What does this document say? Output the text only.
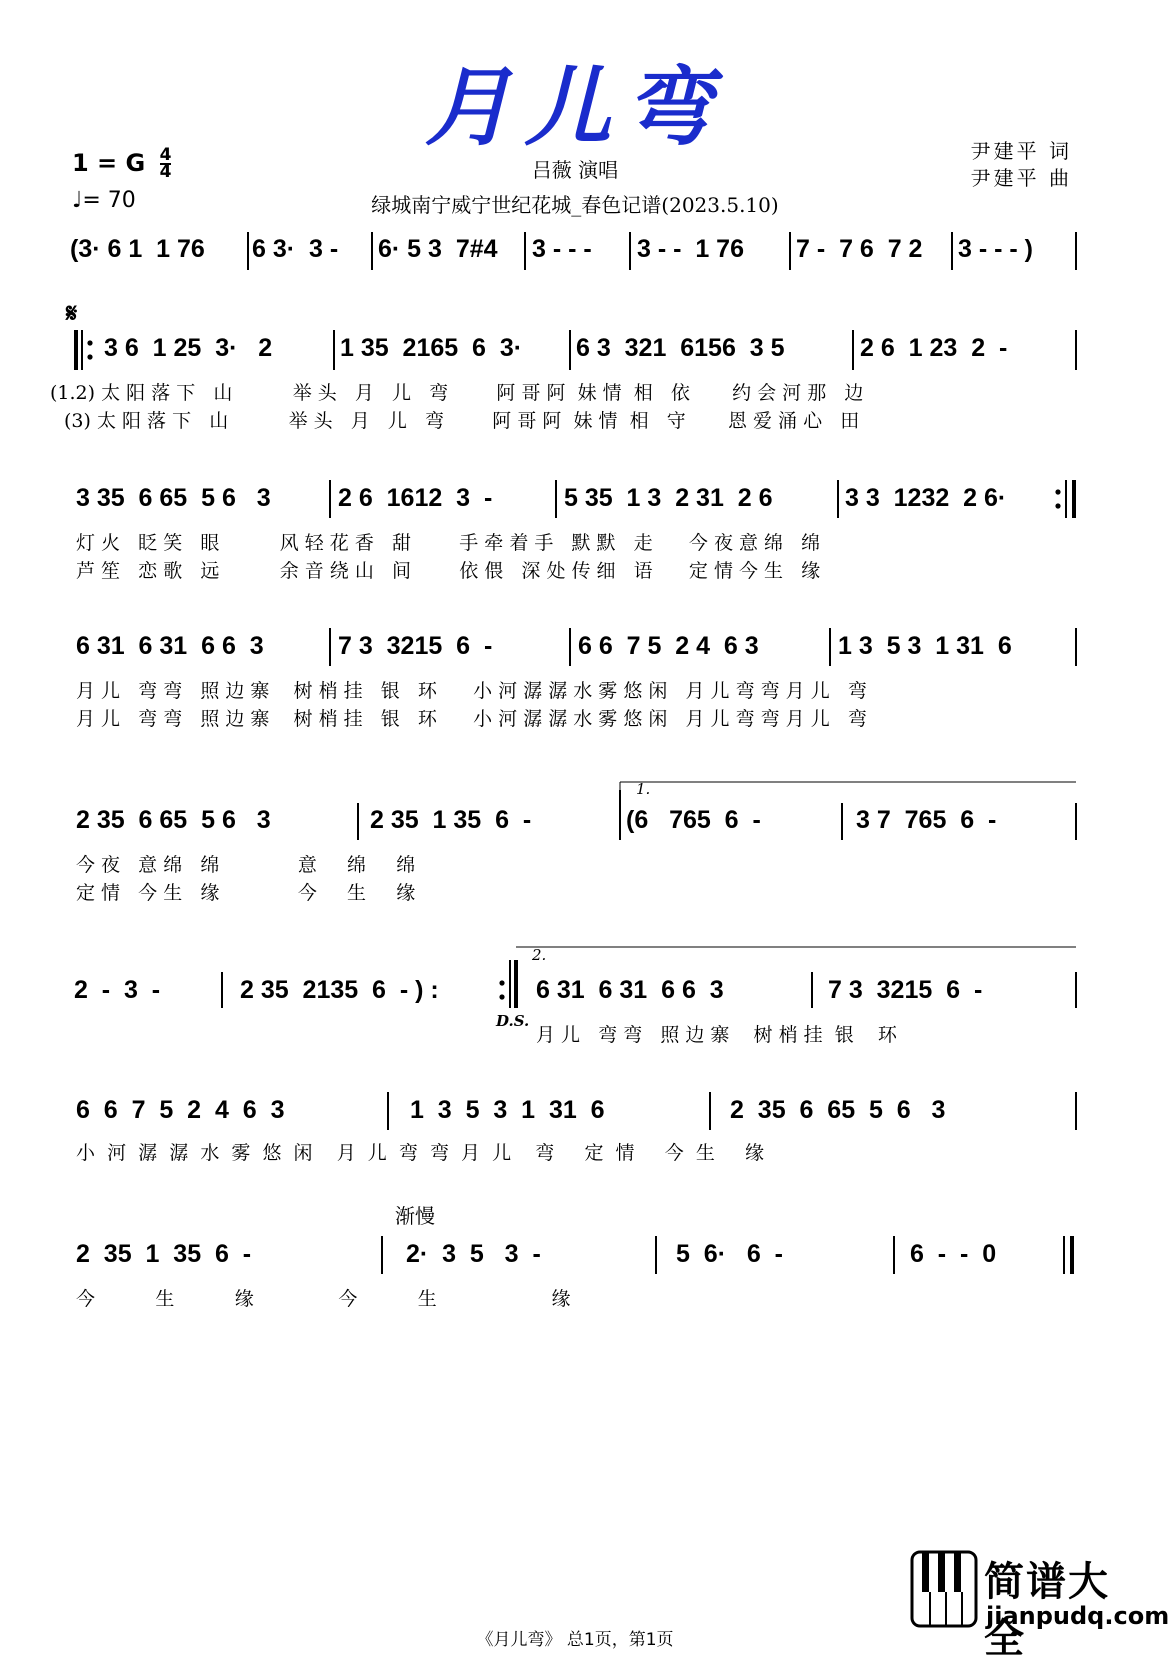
月儿弯
1 = G $\frac{4}{4}$
♩= 70
吕薇 演唱
绿城南宁威宁世纪花城_春色记谱(2023.5.10)
尹建平 词
尹建平 曲
𝄋
(3· 6 1  1 76 6 3·  3 - 6· 5 3  7#4 3 - - - 3 - -  1 76 7 -  7 6  7 2 3 - - - )
3 6  1 25  3·   2	1 35  2165  6  3· 6 3  321  6156  3 5	2 6  1 23  2  -
(1.2) 太 阳 落 下   山          举 头   月   儿   弯        阿 哥 阿  妹 情  相   依       约 会 河 那   边
(3) 太 阳 落 下   山          举 头   月   儿   弯        阿 哥 阿  妹 情  相   守       恩 爱 涌 心   田
3 35  6 65  5 6   3	2 6  1612  3  -	5 35  1 3  2 31  2 6	3 3  1232  2 6·
灯 火   眨 笑   眼          风 轻 花 香   甜        手 牵 着 手   默 默   走      今 夜 意 绵   绵
芦 笙   恋 歌   远          余 音 绕 山   间        依 偎   深 处 传 细   语      定 情 今 生   缘
6 31  6 31  6 6  3	7 3  3215  6  -	6 6  7 5  2 4  6 3	1 3  5 3  1 31  6
月 儿   弯 弯   照 边 寨    树 梢 挂   银   环      小 河 潺 潺 水 雾 悠 闲   月 儿 弯 弯 月 儿   弯
月 儿   弯 弯   照 边 寨    树 梢 挂   银   环      小 河 潺 潺 水 雾 悠 闲   月 儿 弯 弯 月 儿   弯
1.
2 35  6 65  5 6   3	2 35  1 35  6  -	(6   765  6  -	3 7  765  6  -
今 夜   意 绵   绵             意     绵     绵
定 情   今 生   缘             今     生     缘
2.
2  -  3  -	2 35  2135  6  - ) :	6 31  6 31  6 6  3	7 3  3215  6  -
D.S.
月 儿   弯 弯   照 边 寨    树 梢 挂  银    环
6  6  7  5  2  4  6  3	1  3  5  3  1  31  6	2  35  6  65  5  6   3
小  河  潺  潺  水  雾  悠  闲    月  儿  弯  弯  月  儿    弯     定  情     今  生     缘
渐慢
2  35  1  35  6  -	2·  3  5   3  -	5  6·   6  -	6  -  -  0
今          生          缘              今          生                   缘
《月儿弯》 总1页，第1页
简谱大全
jianpudq.com
